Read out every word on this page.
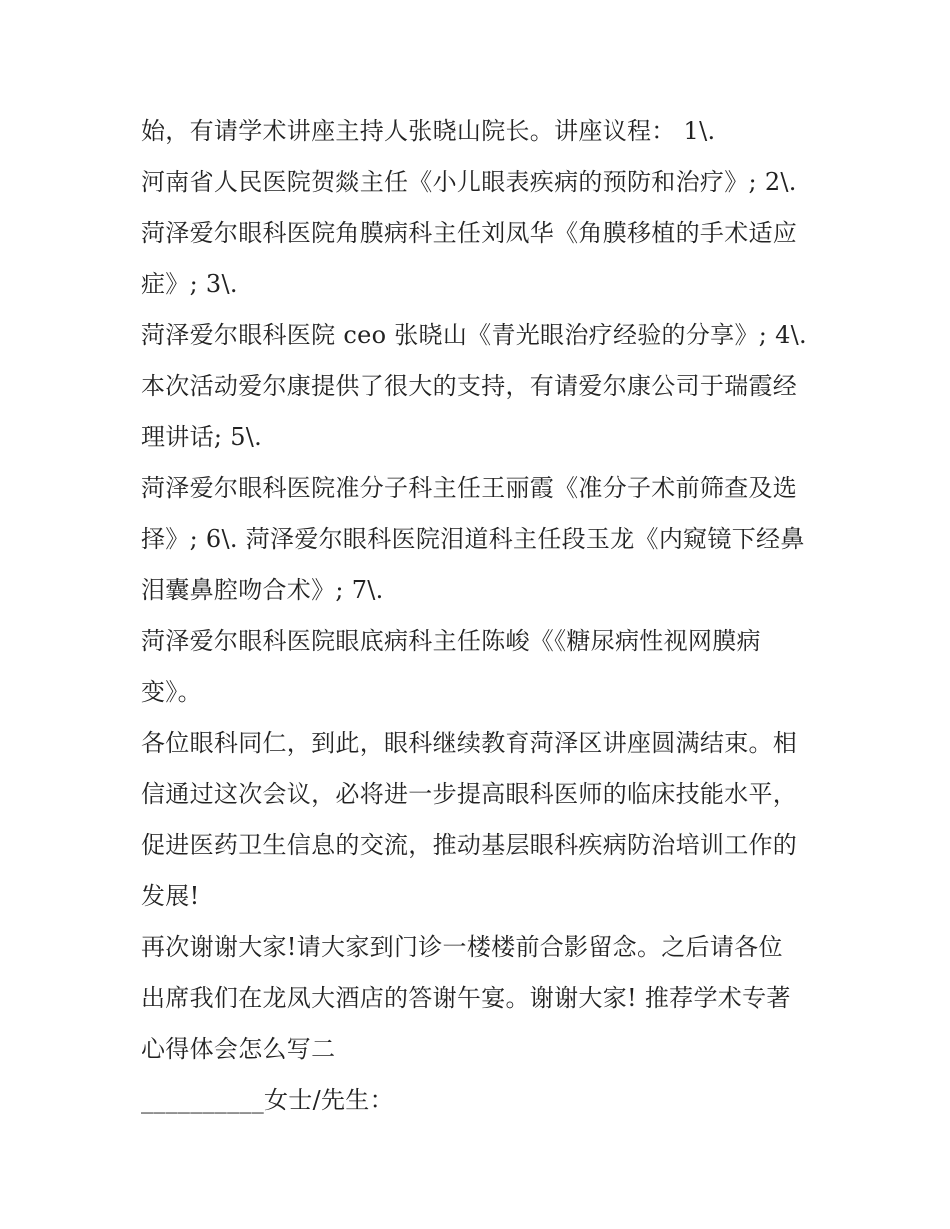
始，有请学术讲座主持人张晓山院长。讲座议程： 1\.
河南省人民医院贺燚主任《小儿眼表疾病的预防和治疗》; 2\.
菏泽爱尔眼科医院角膜病科主任刘凤华《角膜移植的手术适应
症》; 3\.
菏泽爱尔眼科医院 ceo 张晓山《青光眼治疗经验的分享》; 4\.
本次活动爱尔康提供了很大的支持，有请爱尔康公司于瑞霞经
理讲话; 5\.
菏泽爱尔眼科医院准分子科主任王丽霞《准分子术前筛查及选
择》; 6\. 菏泽爱尔眼科医院泪道科主任段玉龙《内窥镜下经鼻
泪囊鼻腔吻合术》; 7\.
菏泽爱尔眼科医院眼底病科主任陈峻《《糖尿病性视网膜病
变》。
各位眼科同仁，到此，眼科继续教育菏泽区讲座圆满结束。相
信通过这次会议，必将进一步提高眼科医师的临床技能水平，
促进医药卫生信息的交流，推动基层眼科疾病防治培训工作的
发展!
再次谢谢大家!请大家到门诊一楼楼前合影留念。之后请各位
出席我们在龙凤大酒店的答谢午宴。谢谢大家! 推荐学术专著
心得体会怎么写二
__________女士/先生：
